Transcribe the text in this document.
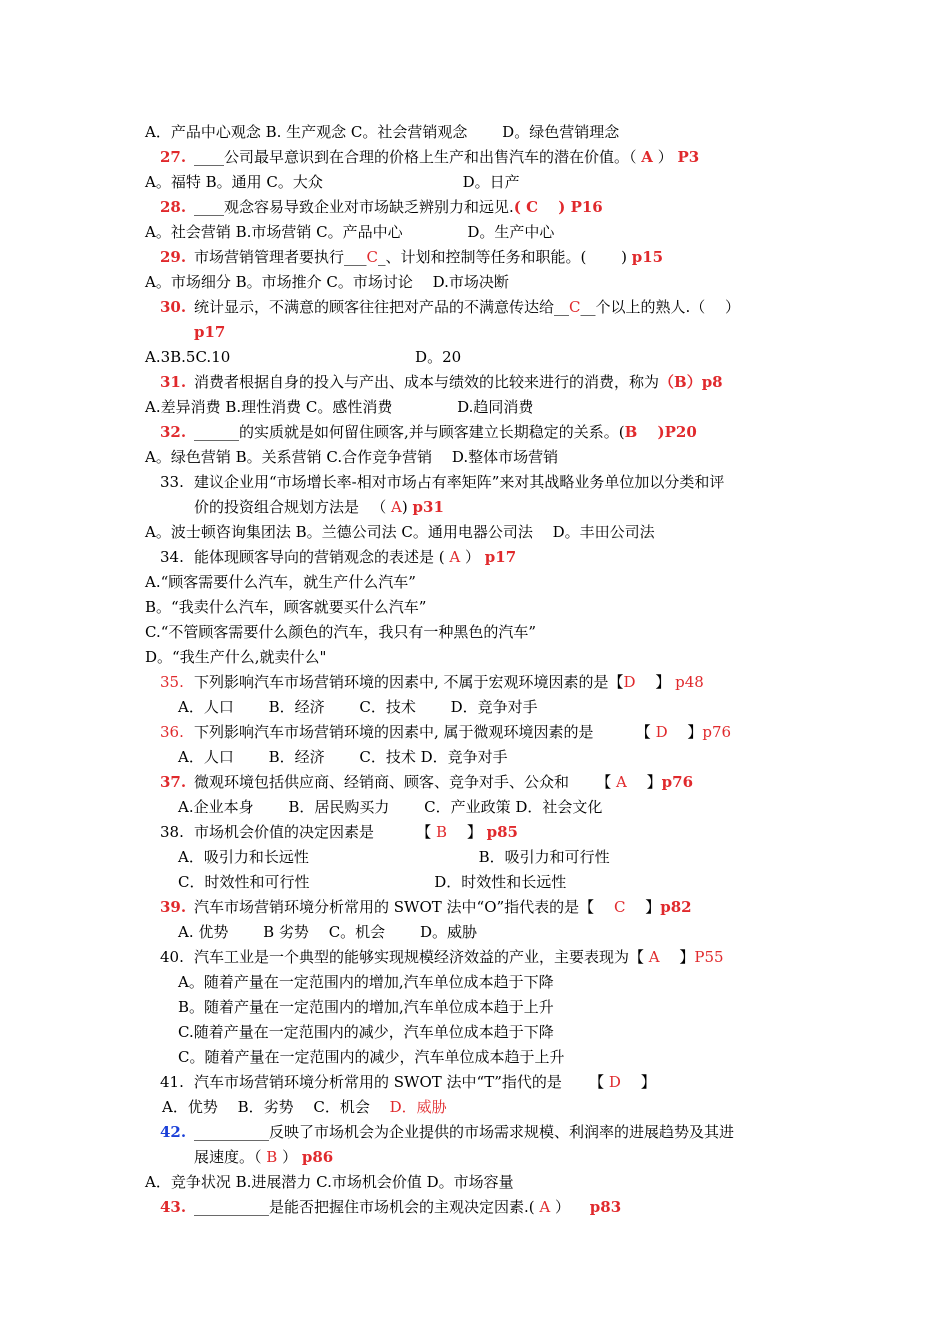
A．产品中心观念 B. 生产观念 C。社会营销观念 　　D。绿色营销理念
27. ____公司最早意识到在合理的价格上生产和出售汽车的潜在价值。（ A ） P3
A。福特 B。通用 C。大众 　　　　　　　　　D。日产
28. ____观念容易导致企业对市场缺乏辨别力和远见.( C 　) P16
A。社会营销 B.市场营销 C。产品中心 　　　　D。生产中心
29. 市场营销管理者要执行___C_、计划和控制等任务和职能。( 　　) p15
A。市场细分 B。市场推介 C。市场讨论 　D.市场决断
30. 统计显示，不满意的顾客往往把对产品的不满意传达给__C__个以上的熟人.（　 ）
p17
A.3B.5C.10 　　　　　　　　　　　　D。20
31. 消费者根据自身的投入与产出、成本与绩效的比较来进行的消费，称为（B）p8
A.差异消费 B.理性消费 C。感性消费 　　　　D.趋同消费
32. ______的实质就是如何留住顾客,并与顾客建立长期稳定的关系。(B 　)P20
A。绿色营销 B。关系营销 C.合作竞争营销 　D.整体市场营销
33. 建议企业用“市场增长率-相对市场占有率矩阵”来对其战略业务单位加以分类和评
价的投资组合规划方法是 　（ A) p31
A。波士顿咨询集团法 B。兰德公司法 C。通用电器公司法 　D。丰田公司法
34. 能体现顾客导向的营销观念的表述是 ( A ） p17
A.“顾客需要什么汽车，就生产什么汽车”
B。“我卖什么汽车，顾客就要买什么汽车”
C.“不管顾客需要什么颜色的汽车，我只有一种黑色的汽车”
D。“我生产什么,就卖什么"
35. 下列影响汽车市场营销环境的因素中, 不属于宏观环境因素的是【D 　】 p48
A．人口 　　B．经济 　　C．技术 　　D．竞争对手
36. 下列影响汽车市场营销环境的因素中, 属于微观环境因素的是 　　　【 D 　】p76
A．人口 　　B．经济 　　C．技术 D．竞争对手
37. 微观环境包括供应商、经销商、顾客、竞争对手、公众和 　　【 A 　】p76
A.企业本身 　　B．居民购买力 　　C．产业政策 D．社会文化
38. 市场机会价值的决定因素是 　　　【 B 　】 p85
A．吸引力和长远性 　　　　　　　　　　　B．吸引力和可行性
C．时效性和可行性 　　　　　　　　D．时效性和长远性
39. 汽车市场营销环境分析常用的 SWOT 法中“O”指代表的是【 　C 　】p82
A. 优势 　　B 劣势 　C。机会 　　D。威胁
40. 汽车工业是一个典型的能够实现规模经济效益的产业，主要表现为【 A 　】P55
A。随着产量在一定范围内的增加,汽车单位成本趋于下降
B。随着产量在一定范围内的增加,汽车单位成本趋于上升
C.随着产量在一定范围内的减少，汽车单位成本趋于下降
C。随着产量在一定范围内的减少，汽车单位成本趋于上升
41. 汽车市场营销环境分析常用的 SWOT 法中“T”指代的是 　　【 D 　】
A．优势 　B．劣势 　C．机会 　D．威胁
42. __________反映了市场机会为企业提供的市场需求规模、利润率的进展趋势及其进
展速度。（ B ） p86
A．竞争状况 B.进展潜力 C.市场机会价值 D。市场容量
43. __________是能否把握住市场机会的主观决定因素.( A ） 　p83
